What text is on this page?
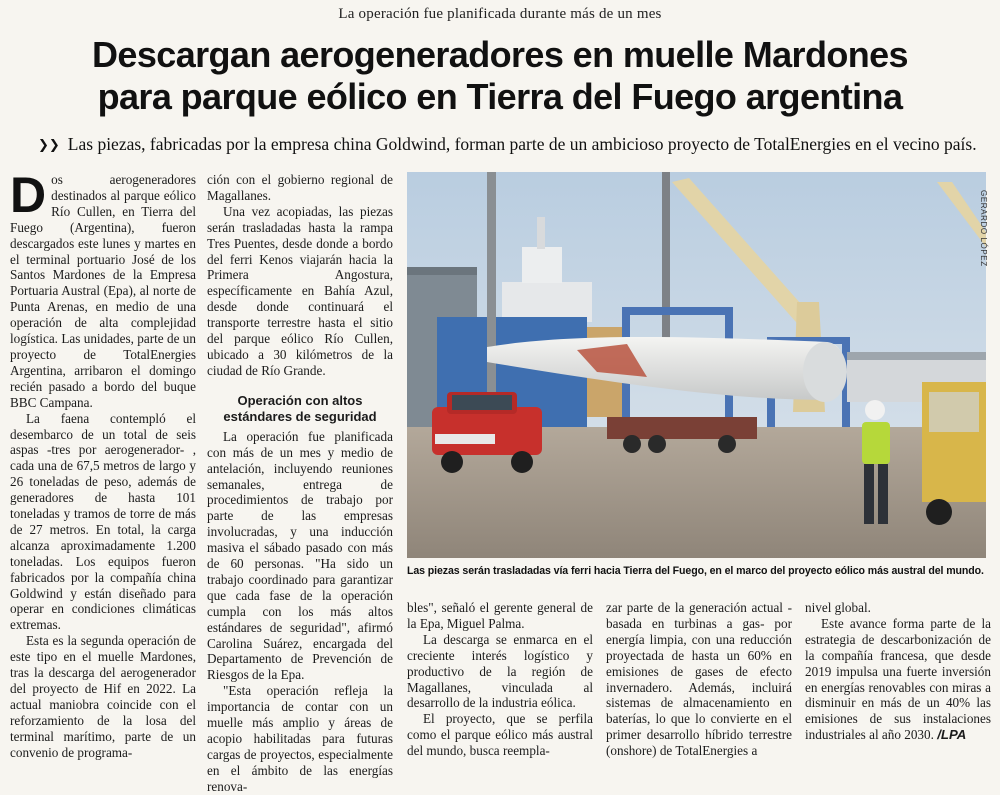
La operación fue planificada durante más de un mes
Descargan aerogeneradores en muelle Mardones
para parque eólico en Tierra del Fuego argentina
❯❯ Las piezas, fabricadas por la empresa china Goldwind, forman parte de un ambicioso proyecto de TotalEnergies en el vecino país.

Dos aerogeneradores destinados al parque eólico Río Cullen, en Tierra del Fuego (Argentina), fueron descargados este lunes y martes en el terminal portuario José de los Santos Mardones de la Empresa Portuaria Austral (Epa), al norte de Punta Arenas, en medio de una operación de alta complejidad logística. Las unidades, parte de un proyecto de TotalEnergies Argentina, arribaron el domingo recién pasado a bordo del buque BBC Campana.

La faena contempló el desembarco de un total de seis aspas -tres por aerogenerador- , cada una de 67,5 metros de largo y 26 toneladas de peso, además de generadores de hasta 101 toneladas y tramos de torre de más de 27 metros. En total, la carga alcanza aproximadamente 1.200 toneladas. Los equipos fueron fabricados por la compañía china Goldwind y están diseñado para operar en condiciones climáticas extremas.

Esta es la segunda operación de este tipo en el muelle Mardones, tras la descarga del aerogenerador del proyecto de Hif en 2022. La actual maniobra coincide con el reforzamiento de la losa del terminal marítimo, parte de un convenio de programa-

ción con el gobierno regional de Magallanes.

Una vez acopiadas, las piezas serán trasladadas hasta la rampa Tres Puentes, desde donde a bordo del ferri Kenos viajarán hacia la Primera Angostura, específicamente en Bahía Azul, desde donde continuará el transporte terrestre hasta el sitio del parque eólico Río Cullen, ubicado a 30 kilómetros de la ciudad de Río Grande.

Operación con altos estándares de seguridad

La operación fue planificada con más de un mes y medio de antelación, incluyendo reuniones semanales, entrega de procedimientos de trabajo por parte de las empresas involucradas, y una inducción masiva el sábado pasado con más de 60 personas. "Ha sido un trabajo coordinado para garantizar que cada fase de la operación cumpla con los más altos estándares de seguridad", afirmó Carolina Suárez, encargada del Departamento de Prevención de Riesgos de la Epa.

"Esta operación refleja la importancia de contar con un muelle más amplio y áreas de acopio habilitadas para futuras cargas de proyectos, especialmente en el ámbito de las energías renova-

GERARDO LÓPEZ
Las piezas serán trasladadas vía ferri hacia Tierra del Fuego, en el marco del proyecto eólico más austral del mundo.

bles", señaló el gerente general de la Epa, Miguel Palma.

La descarga se enmarca en el creciente interés logístico y productivo de la región de Magallanes, vinculada al desarrollo de la industria eólica.

El proyecto, que se perfila como el parque eólico más austral del mundo, busca reempla-

zar parte de la generación actual -basada en turbinas a gas- por energía limpia, con una reducción proyectada de hasta un 60% en emisiones de gases de efecto invernadero. Además, incluirá sistemas de almacenamiento en baterías, lo que lo convierte en el primer desarrollo híbrido terrestre (onshore) de TotalEnergies a

nivel global.

Este avance forma parte de la estrategia de descarbonización de la compañía francesa, que desde 2019 impulsa una fuerte inversión en energías renovables con miras a disminuir en más de un 40% las emisiones de sus instalaciones industriales al año 2030. /LPA
